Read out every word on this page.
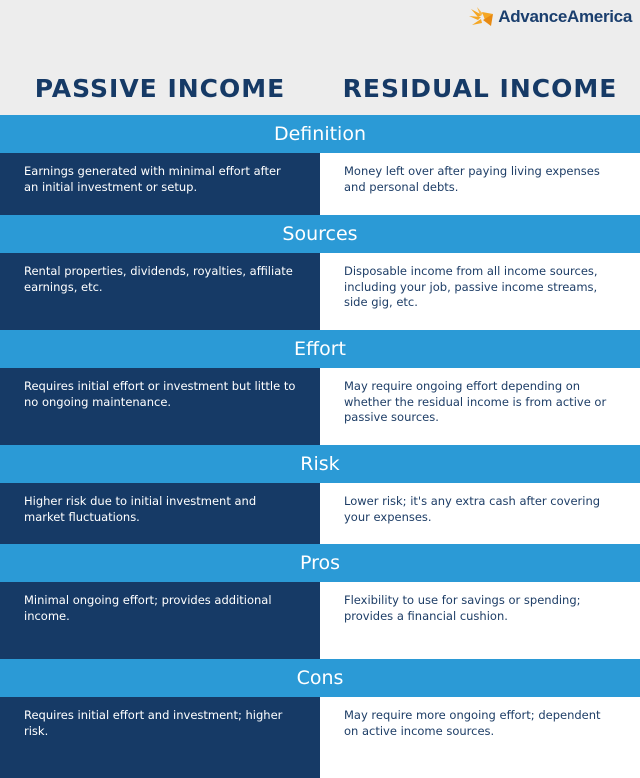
AdvanceAmerica
PASSIVE INCOME	RESIDUAL INCOME
Definition
Earnings generated with minimal effort after an initial investment or setup.
Money left over after paying living expenses and personal debts.
Sources
Rental properties, dividends, royalties, affiliate earnings, etc.
Disposable income from all income sources, including your job, passive income streams, side gig, etc.
Effort
Requires initial effort or investment but little to no ongoing maintenance.
May require ongoing effort depending on whether the residual income is from active or passive sources.
Risk
Higher risk due to initial investment and market fluctuations.
Lower risk; it's any extra cash after covering your expenses.
Pros
Minimal ongoing effort; provides additional income.
Flexibility to use for savings or spending; provides a financial cushion.
Cons
Requires initial effort and investment; higher risk.
May require more ongoing effort; dependent on active income sources.
